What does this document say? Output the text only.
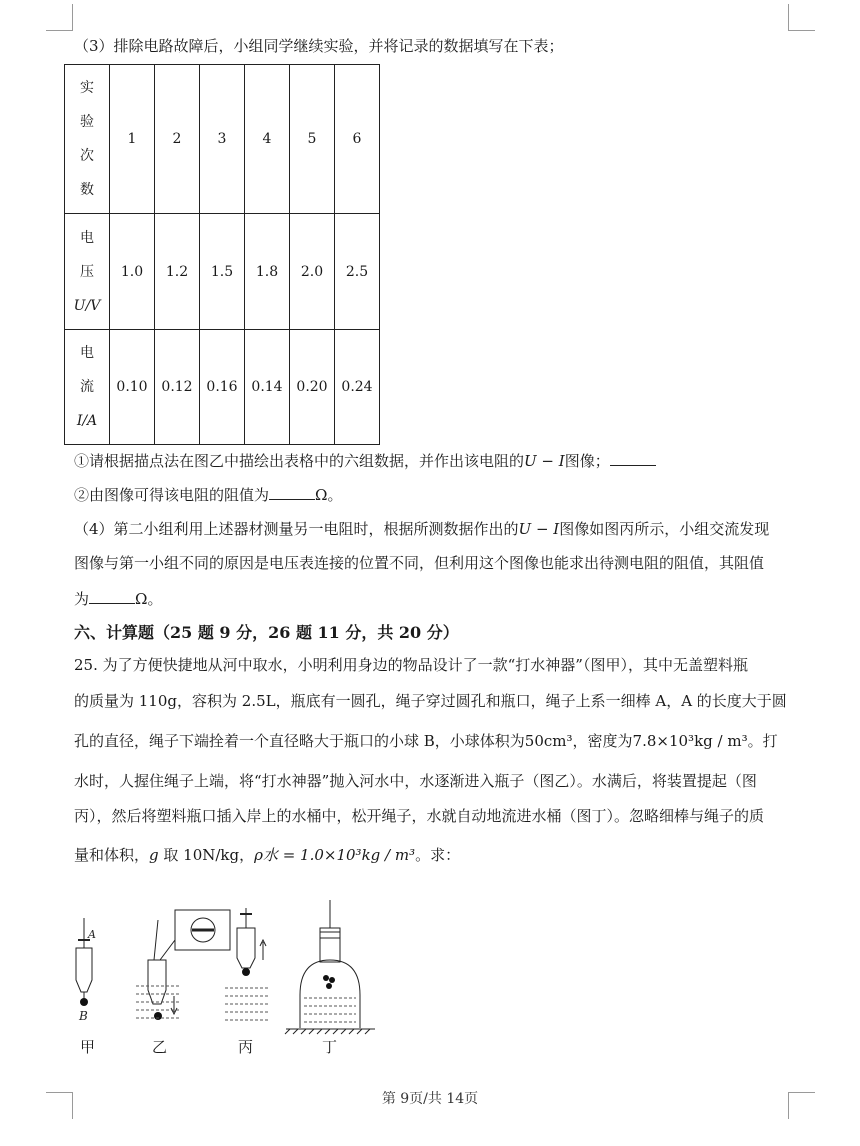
（3）排除电路故障后，小组同学继续实验，并将记录的数据填写在下表；
实
验
次
数	1	2	3	4	5	6

电
压
U/V	1.0	1.2	1.5	1.8	2.0	2.5

电
流
I/A	0.10	0.12	0.16	0.14	0.20	0.24
①请根据描点法在图乙中描绘出表格中的六组数据，并作出该电阻的U − I图像；
②由图像可得该电阻的阻值为	Ω。
（4）第二小组利用上述器材测量另一电阻时，根据所测数据作出的U − I图像如图丙所示，小组交流发现
图像与第一小组不同的原因是电压表连接的位置不同，但利用这个图像也能求出待测电阻的阻值，其阻值
为	Ω。
六、计算题（25 题 9 分，26 题 11 分，共 20 分）
25. 为了方便快捷地从河中取水，小明利用身边的物品设计了一款“打水神器”（图甲），其中无盖塑料瓶
的质量为 110g，容积为 2.5L，瓶底有一圆孔，绳子穿过圆孔和瓶口，绳子上系一细棒 A，A 的长度大于圆
孔的直径，绳子下端拴着一个直径略大于瓶口的小球 B，小球体积为50cm³，密度为7.8×10³kg / m³。打
水时，人握住绳子上端，将“打水神器”抛入河水中，水逐渐进入瓶子（图乙）。水满后，将装置提起（图
丙），然后将塑料瓶口插入岸上的水桶中，松开绳子，水就自动地流进水桶（图丁）。忽略细棒与绳子的质
量和体积，g 取 10N/kg，ρ水 = 1.0×10³kg / m³。求：
A
B
甲	乙	丙	丁
第 9页/共 14页
